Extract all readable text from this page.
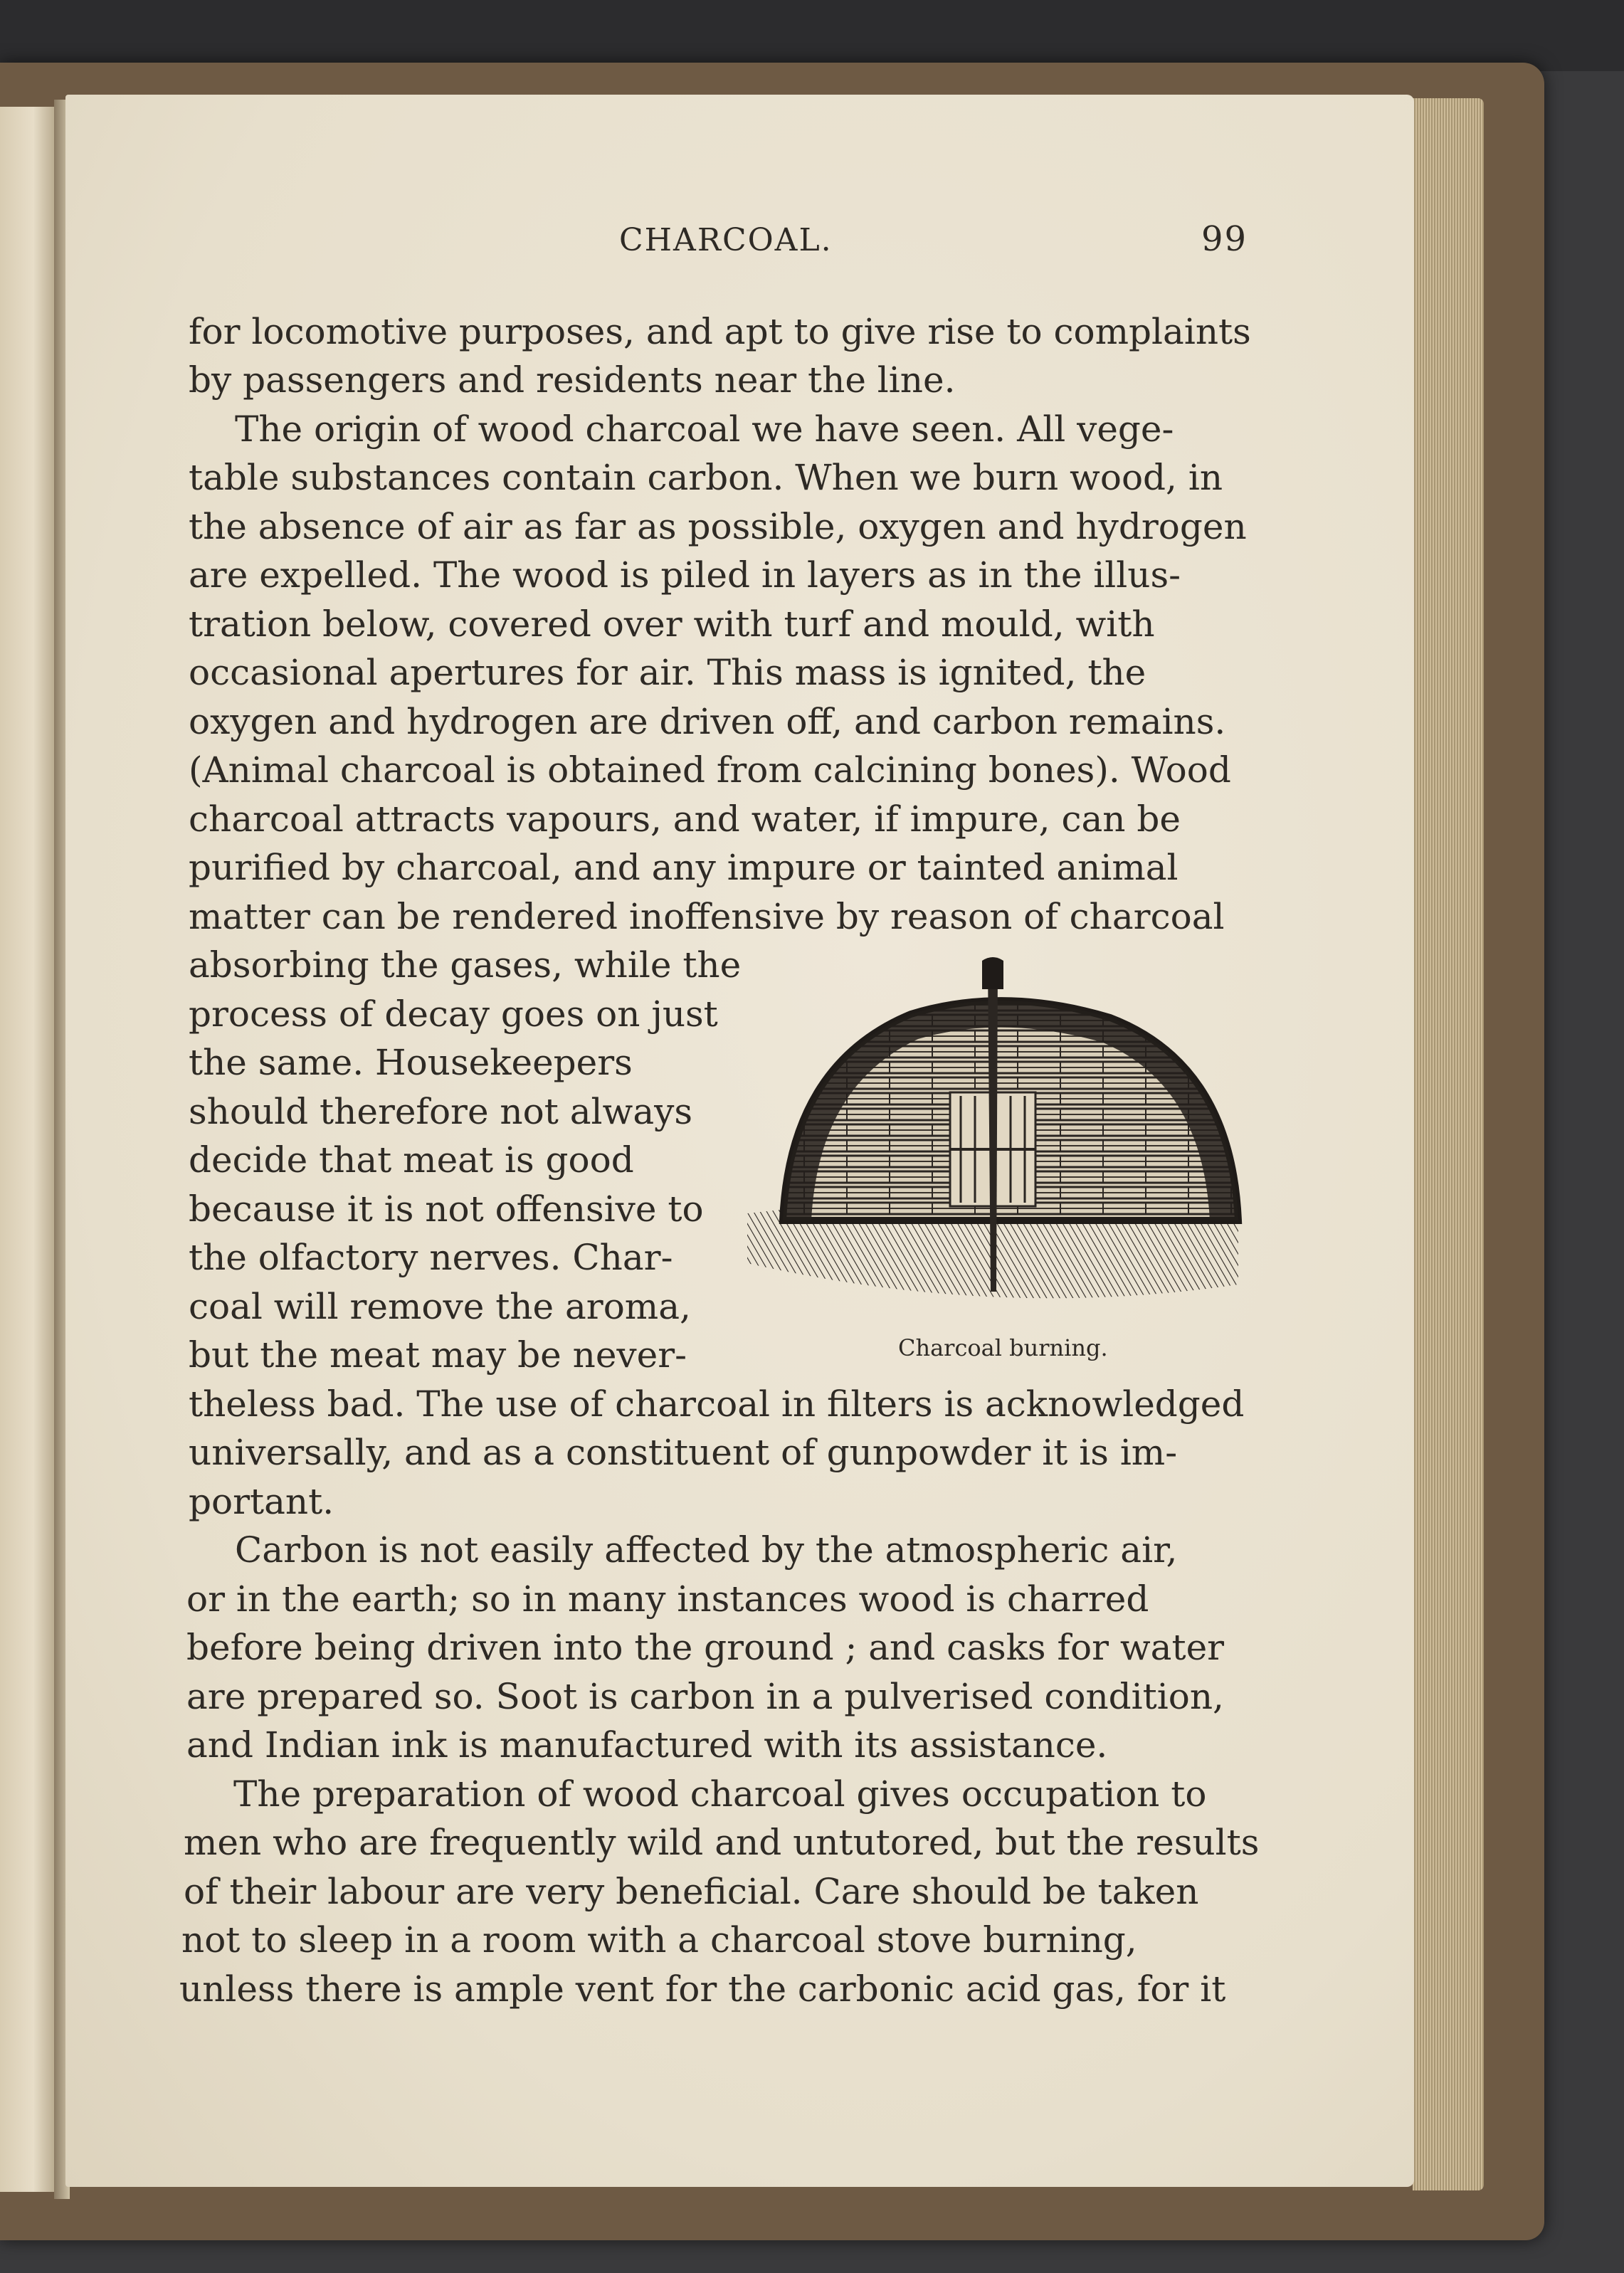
CHARCOAL.	99
for locomotive purposes, and apt to give rise to complaints
by passengers and residents near the line.
The origin of wood charcoal we have seen. All vege-
table substances contain carbon. When we burn wood, in
the absence of air as far as possible, oxygen and hydrogen
are expelled. The wood is piled in layers as in the illus-
tration below, covered over with turf and mould, with
occasional apertures for air. This mass is ignited, the
oxygen and hydrogen are driven off, and carbon remains.
(Animal charcoal is obtained from calcining bones). Wood
charcoal attracts vapours, and water, if impure, can be
purified by charcoal, and any impure or tainted animal
matter can be rendered inoffensive by reason of charcoal
absorbing the gases, while the
process of decay goes on just
the same. Housekeepers
should therefore not always
decide that meat is good
because it is not offensive to
the olfactory nerves. Char-
coal will remove the aroma,
but the meat may be never-	Charcoal burning.
theless bad. The use of charcoal in filters is acknowledged
universally, and as a constituent of gunpowder it is im-
portant.
Carbon is not easily affected by the atmospheric air,
or in the earth; so in many instances wood is charred
before being driven into the ground ; and casks for water
are prepared so. Soot is carbon in a pulverised condition,
and Indian ink is manufactured with its assistance.
The preparation of wood charcoal gives occupation to
men who are frequently wild and untutored, but the results
of their labour are very beneficial. Care should be taken
not to sleep in a room with a charcoal stove burning,
unless there is ample vent for the carbonic acid gas, for it
